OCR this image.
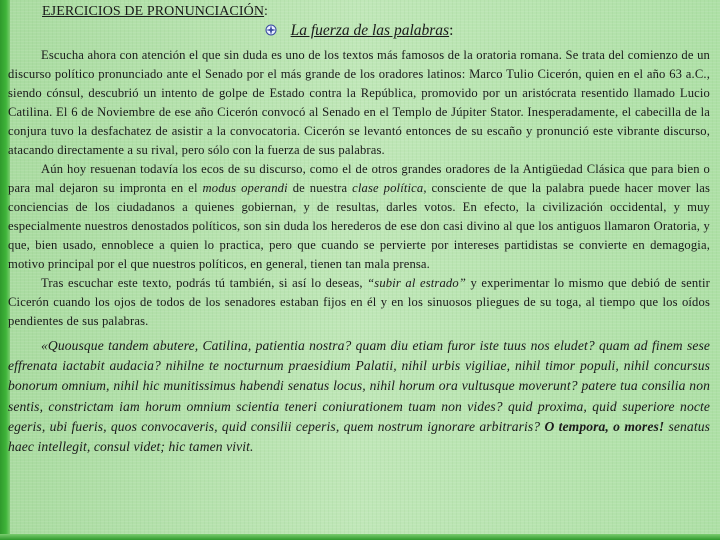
EJERCICIOS DE PRONUNCIACIÓN:
La fuerza de las palabras:

Escucha ahora con atención el que sin duda es uno de los textos más famosos de la oratoria romana. Se trata del comienzo de un discurso político pronunciado ante el Senado por el más grande de los oradores latinos: Marco Tulio Cicerón, quien en el año 63 a.C., siendo cónsul, descubrió un intento de golpe de Estado contra la República, promovido por un aristócrata resentido llamado Lucio Catilina. El 6 de Noviembre de ese año Cicerón convocó al Senado en el Templo de Júpiter Stator. Inesperadamente, el cabecilla de la conjura tuvo la desfachatez de asistir a la convocatoria. Cicerón se levantó entonces de su escaño y pronunció este vibrante discurso, atacando directamente a su rival, pero sólo con la fuerza de sus palabras.

Aún hoy resuenan todavía los ecos de su discurso, como el de otros grandes oradores de la Antigüedad Clásica que para bien o para mal dejaron su impronta en el modus operandi de nuestra clase política, consciente de que la palabra puede hacer mover las conciencias de los ciudadanos a quienes gobiernan, y de resultas, darles votos. En efecto, la civilización occidental, y muy especialmente nuestros denostados políticos, son sin duda los herederos de ese don casi divino al que los antiguos llamaron Oratoria, y que, bien usado, ennoblece a quien lo practica, pero que cuando se pervierte por intereses partidistas se convierte en demagogia, motivo principal por el que nuestros políticos, en general, tienen tan mala prensa.

Tras escuchar este texto, podrás tú también, si así lo deseas, “subir al estrado” y experimentar lo mismo que debió de sentir Cicerón cuando los ojos de todos de los senadores estaban fijos en él y en los sinuosos pliegues de su toga, al tiempo que los oídos pendientes de sus palabras.

«Quousque tandem abutere, Catilina, patientia nostra? quam diu etiam furor iste tuus nos eludet? quam ad finem sese effrenata iactabit audacia? nihilne te nocturnum praesidium Palatii, nihil urbis vigiliae, nihil timor populi, nihil concursus bonorum omnium, nihil hic munitissimus habendi senatus locus, nihil horum ora vultusque moverunt? patere tua consilia non sentis, constrictam iam horum omnium scientia teneri coniurationem tuam non vides? quid proxima, quid superiore nocte egeris, ubi fueris, quos convocaveris, quid consilii ceperis, quem nostrum ignorare arbitraris? O tempora, o mores! senatus haec intellegit, consul videt; hic tamen vivit.
